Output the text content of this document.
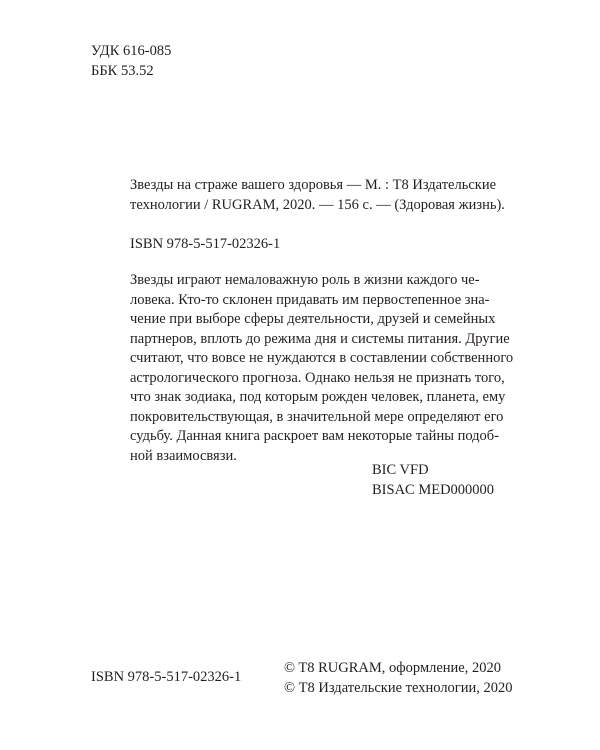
УДК 616-085
ББК 53.52
Звезды на страже вашего здоровья — М. : Т8 Издательские
технологии / RUGRAM, 2020. — 156 с. — (Здоровая жизнь).
ISBN 978-5-517-02326-1
Звезды играют немаловажную роль в жизни каждого че-
ловека. Кто-то склонен придавать им первостепенное зна-
чение при выборе сферы деятельности, друзей и семейных
партнеров, вплоть до режима дня и системы питания. Другие
считают, что вовсе не нуждаются в составлении собственного
астрологического прогноза. Однако нельзя не признать того,
что знак зодиака, под которым рожден человек, планета, ему
покровительствующая, в значительной мере определяют его
судьбу. Данная книга раскроет вам некоторые тайны подоб-
ной взаимосвязи.
BIC VFD
BISAC MED000000
ISBN 978-5-517-02326-1
© T8 RUGRAM, оформление, 2020
© Т8 Издательские технологии, 2020
